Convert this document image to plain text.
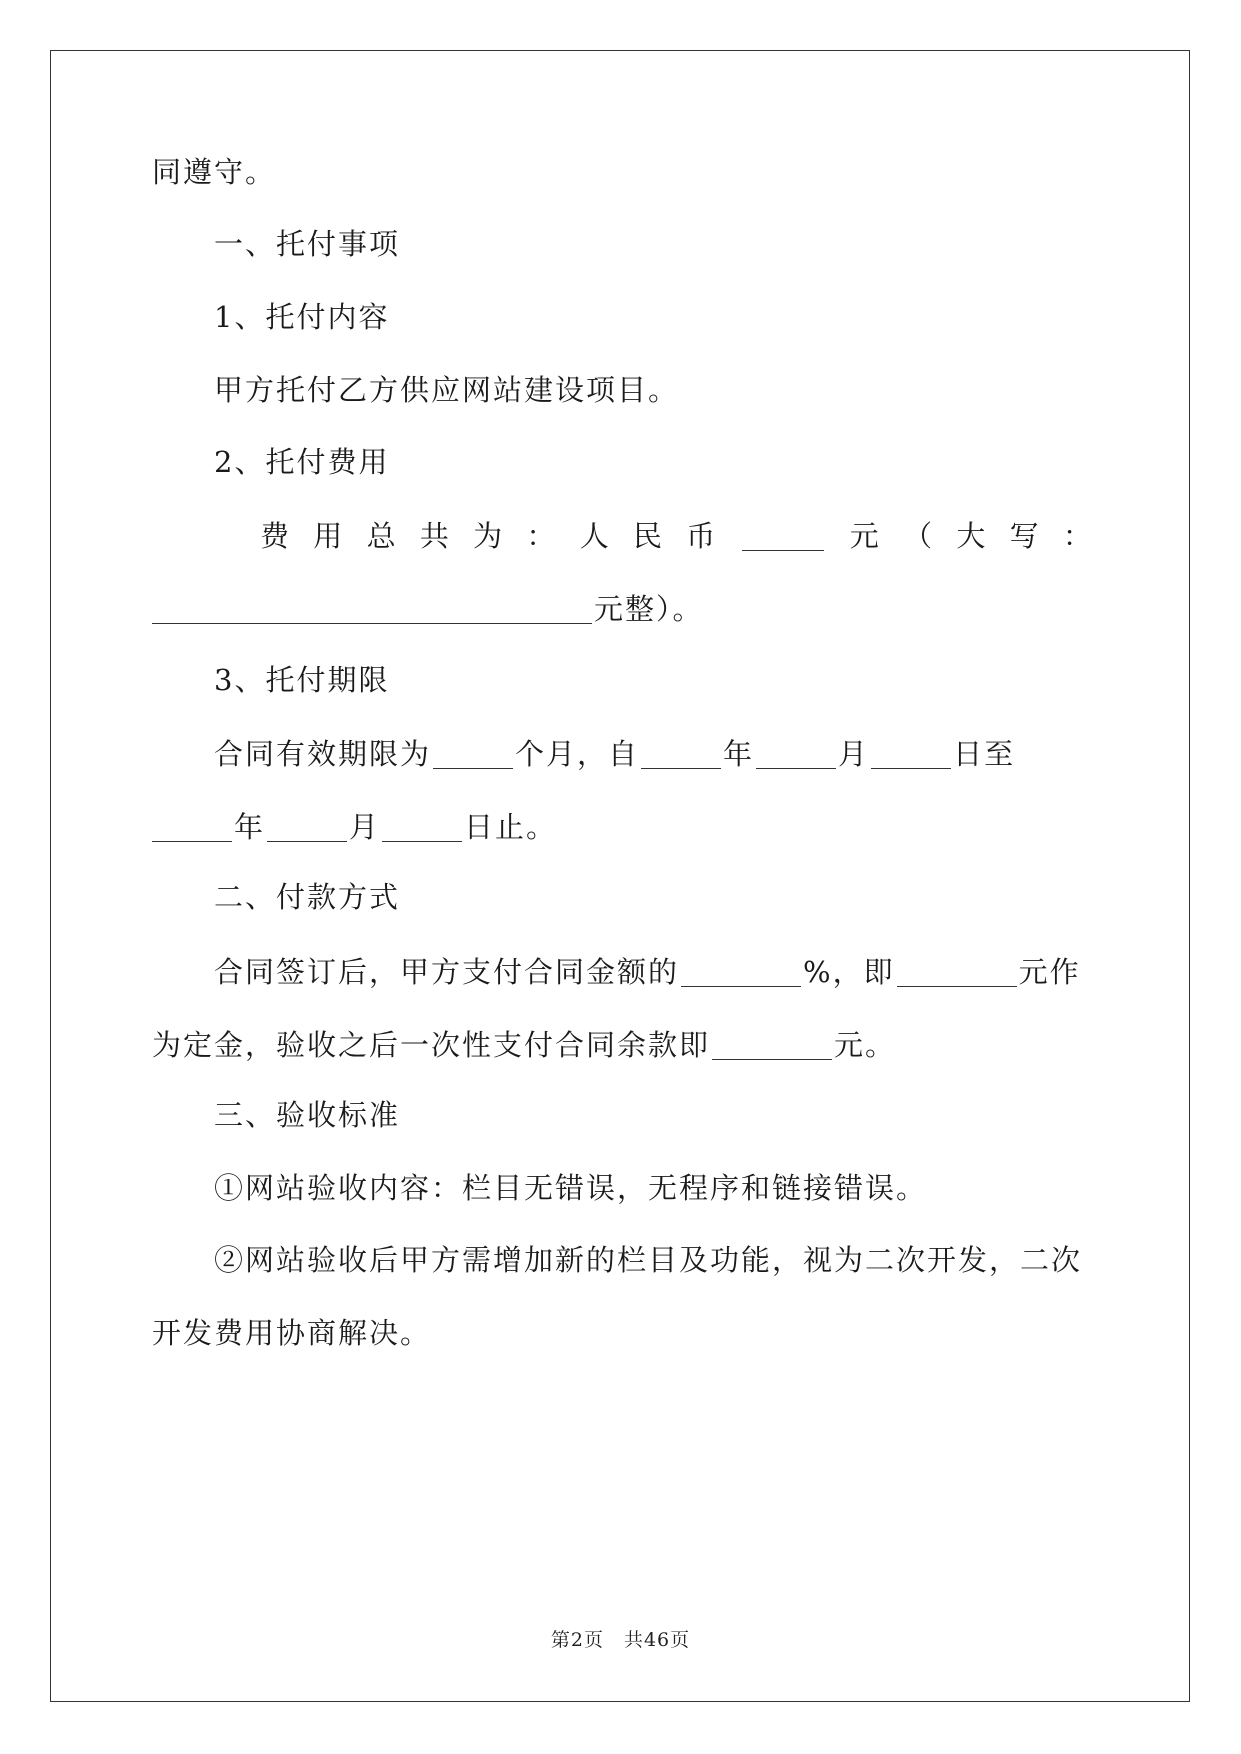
同遵守。
一、托付事项
1、托付内容
甲方托付乙方供应网站建设项目。
2、托付费用
费 用 总 共 为 ： 人 民 币	元 （ 大 写 ：
元整）。
3、托付期限
合同有效期限为	个月，自	年	月	日至
年	月	日止。
二、付款方式
合同签订后，甲方支付合同金额的	%，即	元作
为定金，验收之后一次性支付合同余款即	元。
三、验收标准
①网站验收内容：栏目无错误，无程序和链接错误。
②网站验收后甲方需增加新的栏目及功能，视为二次开发，二次
开发费用协商解决。
第2页　共46页
